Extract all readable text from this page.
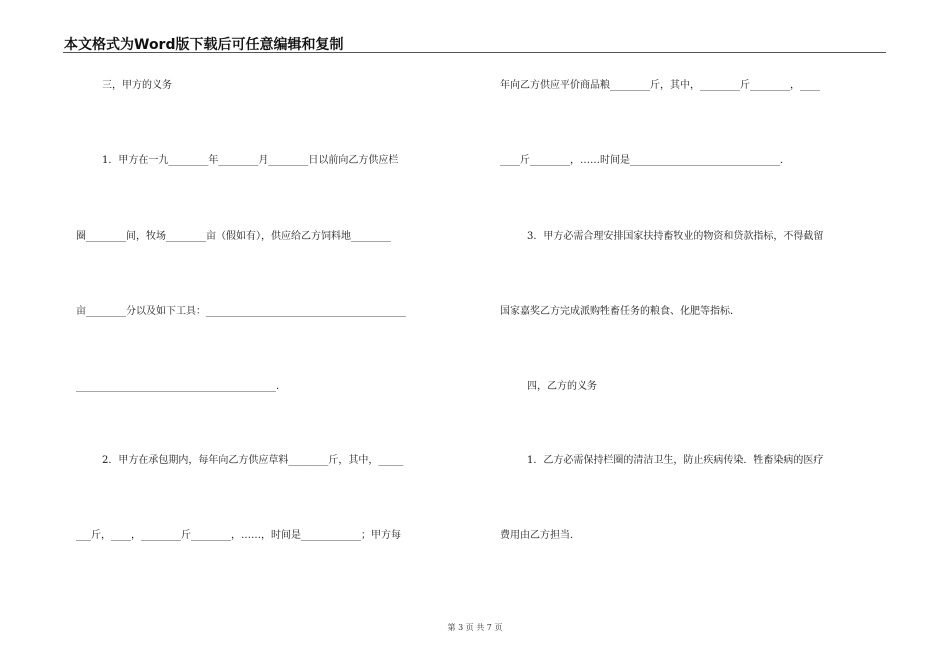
本文格式为Word版下载后可任意编辑和复制
三，甲方的义务
1．甲方在一九________年________月________日以前向乙方供应栏
圈________间，牧场________亩（假如有），供应给乙方饲料地________
亩________分以及如下工具：________________________________________
________________________________________．
2．甲方在承包期内，每年向乙方供应草料________斤，其中，_____
___斤，____，________斤________，……，时间是____________；甲方每
年向乙方供应平价商品粮________斤，其中，________斤________，____
____斤________，……时间是______________________________．
3．甲方必需合理安排国家扶持畜牧业的物资和贷款指标，不得截留
国家嘉奖乙方完成派购牲畜任务的粮食、化肥等指标．
四，乙方的义务
1．乙方必需保持栏圈的清洁卫生，防止疾病传染．牲畜染病的医疗
费用由乙方担当．
第 3 页 共 7 页
